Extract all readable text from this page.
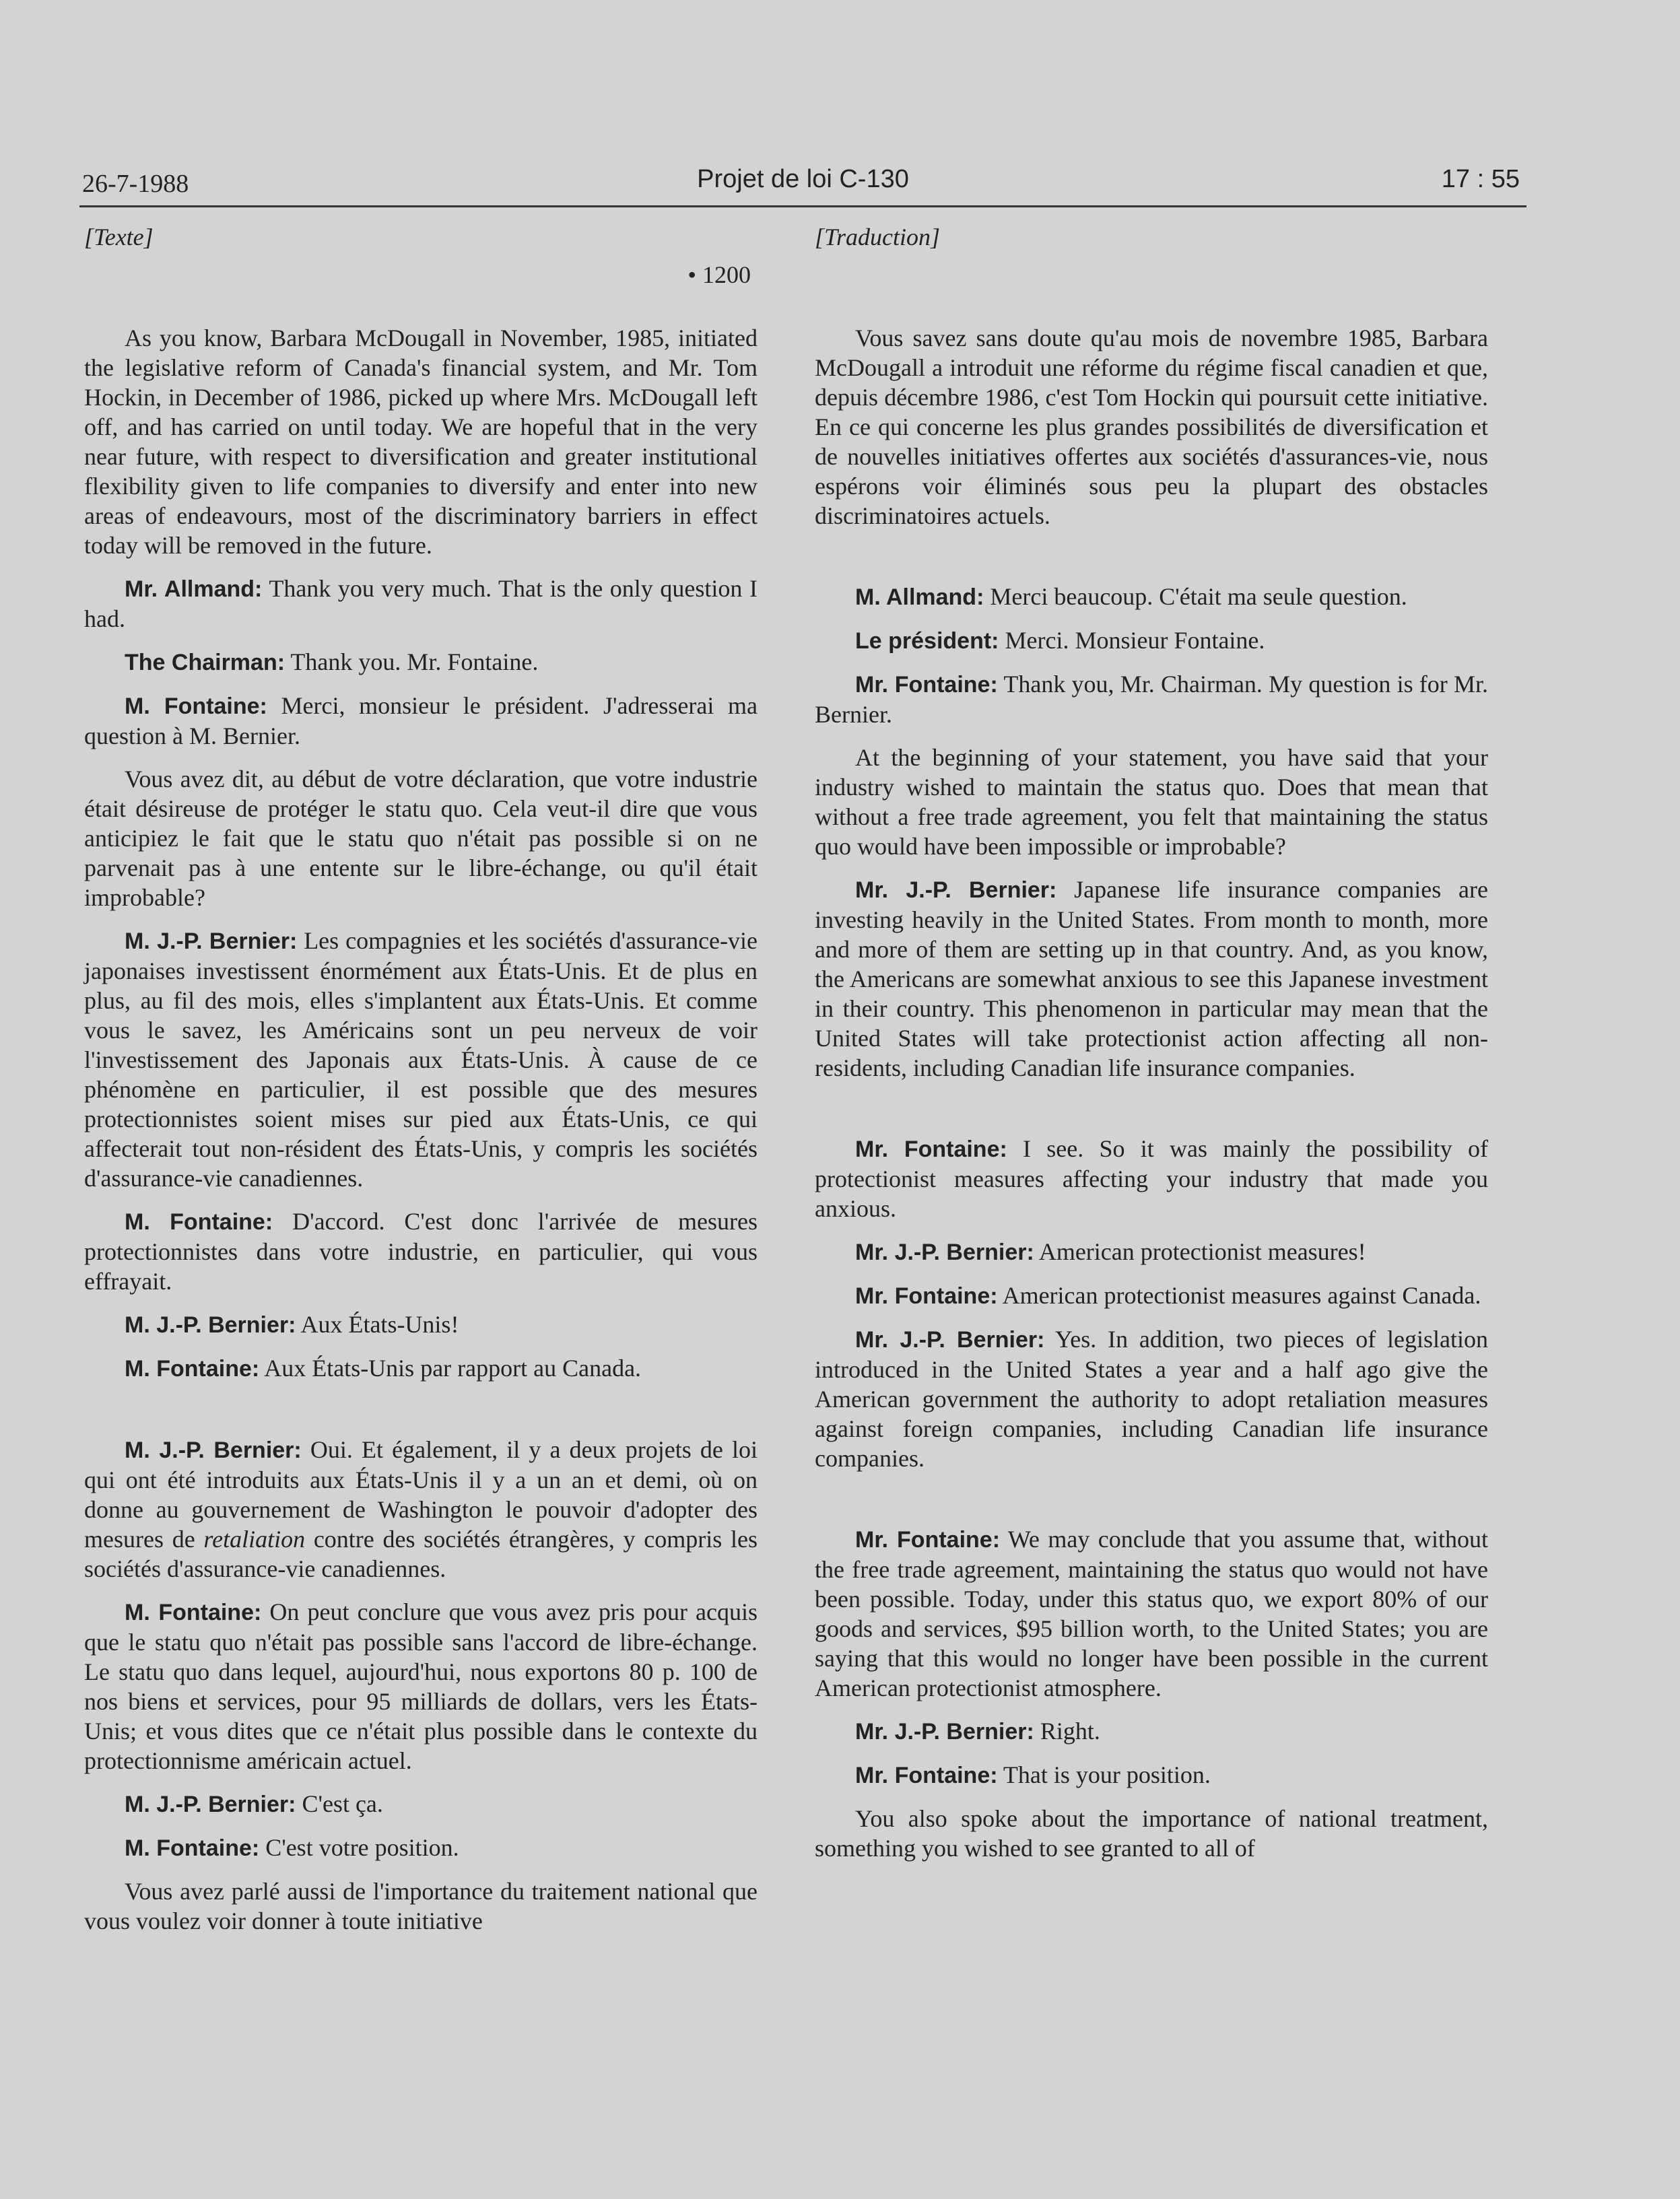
26-7-1988	Projet de loi C-130	17 : 55
[Texte]
• 1200

As you know, Barbara McDougall in November, 1985, initiated the legislative reform of Canada's financial system, and Mr. Tom Hockin, in December of 1986, picked up where Mrs. McDougall left off, and has carried on until today. We are hopeful that in the very near future, with respect to diversification and greater institutional flexibility given to life companies to diversify and enter into new areas of endeavours, most of the discriminatory barriers in effect today will be removed in the future.

Mr. Allmand: Thank you very much. That is the only question I had.

The Chairman: Thank you. Mr. Fontaine.

M. Fontaine: Merci, monsieur le président. J'adresserai ma question à M. Bernier.

Vous avez dit, au début de votre déclaration, que votre industrie était désireuse de protéger le statu quo. Cela veut-il dire que vous anticipiez le fait que le statu quo n'était pas possible si on ne parvenait pas à une entente sur le libre-échange, ou qu'il était improbable?

M. J.-P. Bernier: Les compagnies et les sociétés d'assurance-vie japonaises investissent énormément aux États-Unis. Et de plus en plus, au fil des mois, elles s'implantent aux États-Unis. Et comme vous le savez, les Américains sont un peu nerveux de voir l'investissement des Japonais aux États-Unis. À cause de ce phénomène en particulier, il est possible que des mesures protectionnistes soient mises sur pied aux États-Unis, ce qui affecterait tout non-résident des États-Unis, y compris les sociétés d'assurance-vie canadiennes.

M. Fontaine: D'accord. C'est donc l'arrivée de mesures protectionnistes dans votre industrie, en particulier, qui vous effrayait.

M. J.-P. Bernier: Aux États-Unis!

M. Fontaine: Aux États-Unis par rapport au Canada.

M. J.-P. Bernier: Oui. Et également, il y a deux projets de loi qui ont été introduits aux États-Unis il y a un an et demi, où on donne au gouvernement de Washington le pouvoir d'adopter des mesures de retaliation contre des sociétés étrangères, y compris les sociétés d'assurance-vie canadiennes.

M. Fontaine: On peut conclure que vous avez pris pour acquis que le statu quo n'était pas possible sans l'accord de libre-échange. Le statu quo dans lequel, aujourd'hui, nous exportons 80 p. 100 de nos biens et services, pour 95 milliards de dollars, vers les États-Unis; et vous dites que ce n'était plus possible dans le contexte du protectionnisme américain actuel.

M. J.-P. Bernier: C'est ça.

M. Fontaine: C'est votre position.

Vous avez parlé aussi de l'importance du traitement national que vous voulez voir donner à toute initiative

[Traduction]

Vous savez sans doute qu'au mois de novembre 1985, Barbara McDougall a introduit une réforme du régime fiscal canadien et que, depuis décembre 1986, c'est Tom Hockin qui poursuit cette initiative. En ce qui concerne les plus grandes possibilités de diversification et de nouvelles initiatives offertes aux sociétés d'assurances-vie, nous espérons voir éliminés sous peu la plupart des obstacles discriminatoires actuels.

M. Allmand: Merci beaucoup. C'était ma seule question.

Le président: Merci. Monsieur Fontaine.

Mr. Fontaine: Thank you, Mr. Chairman. My question is for Mr. Bernier.

At the beginning of your statement, you have said that your industry wished to maintain the status quo. Does that mean that without a free trade agreement, you felt that maintaining the status quo would have been impossible or improbable?

Mr. J.-P. Bernier: Japanese life insurance companies are investing heavily in the United States. From month to month, more and more of them are setting up in that country. And, as you know, the Americans are somewhat anxious to see this Japanese investment in their country. This phenomenon in particular may mean that the United States will take protectionist action affecting all non-residents, including Canadian life insurance companies.

Mr. Fontaine: I see. So it was mainly the possibility of protectionist measures affecting your industry that made you anxious.

Mr. J.-P. Bernier: American protectionist measures!

Mr. Fontaine: American protectionist measures against Canada.

Mr. J.-P. Bernier: Yes. In addition, two pieces of legislation introduced in the United States a year and a half ago give the American government the authority to adopt retaliation measures against foreign companies, including Canadian life insurance companies.

Mr. Fontaine: We may conclude that you assume that, without the free trade agreement, maintaining the status quo would not have been possible. Today, under this status quo, we export 80% of our goods and services, $95 billion worth, to the United States; you are saying that this would no longer have been possible in the current American protectionist atmosphere.

Mr. J.-P. Bernier: Right.

Mr. Fontaine: That is your position.

You also spoke about the importance of national treatment, something you wished to see granted to all of
